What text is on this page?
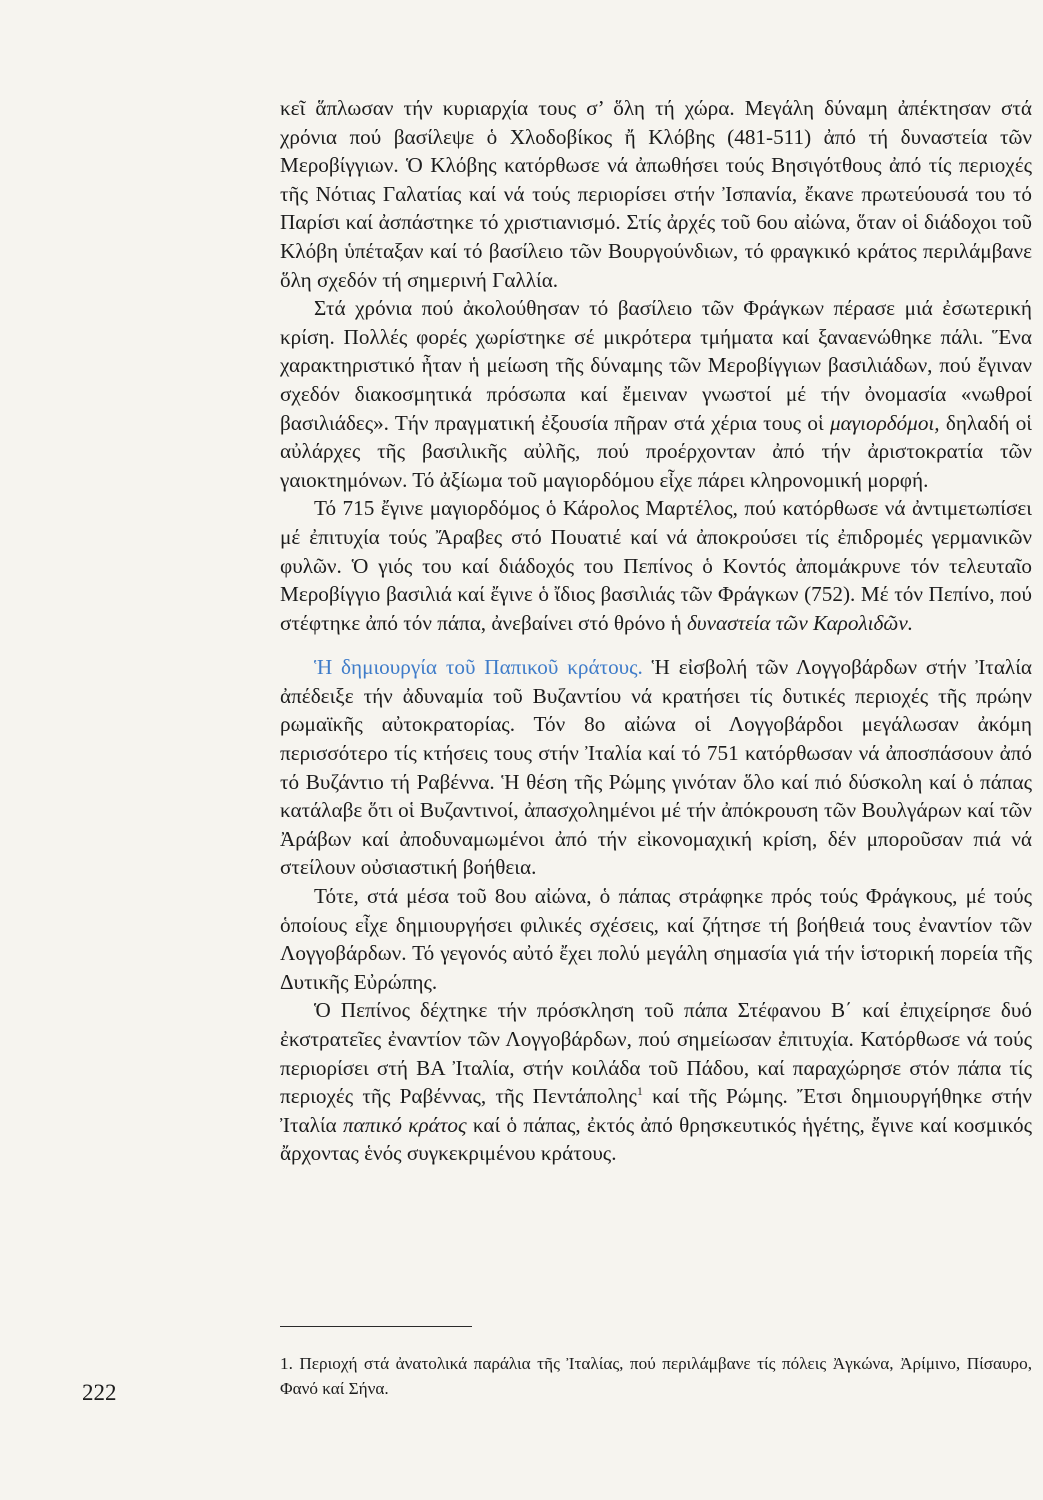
κεῖ ἅπλωσαν τήν κυριαρχία τους σ’ ὅλη τή χώρα. Μεγάλη δύναμη ἀπέκτησαν στά χρόνια πού βασίλεψε ὁ Χλοδοβίκος ἤ Κλόβης (481-511) ἀπό τή δυναστεία τῶν Μεροβίγγιων. Ὁ Κλόβης κατόρθωσε νά ἀπωθήσει τούς Βησιγότθους ἀπό τίς περιοχές τῆς Νότιας Γαλατίας καί νά τούς περιορίσει στήν Ἰσπανία, ἔκανε πρωτεύουσά του τό Παρίσι καί ἀσπάστηκε τό χριστιανισμό. Στίς ἀρχές τοῦ 6ου αἰώνα, ὅταν οἱ διάδοχοι τοῦ Κλόβη ὑπέταξαν καί τό βασίλειο τῶν Βουργούνδιων, τό φραγκικό κράτος περιλάμβανε ὅλη σχεδόν τή σημερινή Γαλλία.

Στά χρόνια πού ἀκολούθησαν τό βασίλειο τῶν Φράγκων πέρασε μιά ἐσωτερική κρίση. Πολλές φορές χωρίστηκε σέ μικρότερα τμήματα καί ξαναενώθηκε πάλι. Ἕνα χαρακτηριστικό ἦταν ἡ μείωση τῆς δύναμης τῶν Μεροβίγγιων βασιλιάδων, πού ἔγιναν σχεδόν διακοσμητικά πρόσωπα καί ἔμειναν γνωστοί μέ τήν ὀνομασία «νωθροί βασιλιάδες». Τήν πραγματική ἐξουσία πῆραν στά χέρια τους οἱ μαγιορδόμοι, δηλαδή οἱ αὐλάρχες τῆς βασιλικῆς αὐλῆς, πού προέρχονταν ἀπό τήν ἀριστοκρατία τῶν γαιοκτημόνων. Τό ἀξίωμα τοῦ μαγιορδόμου εἶχε πάρει κληρονομική μορφή.

Τό 715 ἔγινε μαγιορδόμος ὁ Κάρολος Μαρτέλος, πού κατόρθωσε νά ἀντιμετωπίσει μέ ἐπιτυχία τούς Ἄραβες στό Πουατιέ καί νά ἀποκρούσει τίς ἐπιδρομές γερμανικῶν φυλῶν. Ὁ γιός του καί διάδοχός του Πεπίνος ὁ Κοντός ἀπομάκρυνε τόν τελευταῖο Μεροβίγγιο βασιλιά καί ἔγινε ὁ ἴδιος βασιλιάς τῶν Φράγκων (752). Μέ τόν Πεπίνο, πού στέφτηκε ἀπό τόν πάπα, ἀνεβαίνει στό θρόνο ἡ δυναστεία τῶν Καρολιδῶν.

Ἡ δημιουργία τοῦ Παπικοῦ κράτους. Ἡ εἰσβολή τῶν Λογγοβάρδων στήν Ἰταλία ἀπέδειξε τήν ἀδυναμία τοῦ Βυζαντίου νά κρατήσει τίς δυτικές περιοχές τῆς πρώην ρωμαϊκῆς αὐτοκρατορίας. Τόν 8ο αἰώνα οἱ Λογγοβάρδοι μεγάλωσαν ἀκόμη περισσότερο τίς κτήσεις τους στήν Ἰταλία καί τό 751 κατόρθωσαν νά ἀποσπάσουν ἀπό τό Βυζάντιο τή Ραβέννα. Ἡ θέση τῆς Ρώμης γινόταν ὅλο καί πιό δύσκολη καί ὁ πάπας κατάλαβε ὅτι οἱ Βυζαντινοί, ἀπασχολημένοι μέ τήν ἀπόκρουση τῶν Βουλγάρων καί τῶν Ἀράβων καί ἀποδυναμωμένοι ἀπό τήν εἰκονομαχική κρίση, δέν μποροῦσαν πιά νά στείλουν οὐσιαστική βοήθεια.

Τότε, στά μέσα τοῦ 8ου αἰώνα, ὁ πάπας στράφηκε πρός τούς Φράγκους, μέ τούς ὁποίους εἶχε δημιουργήσει φιλικές σχέσεις, καί ζήτησε τή βοήθειά τους ἐναντίον τῶν Λογγοβάρδων. Τό γεγονός αὐτό ἔχει πολύ μεγάλη σημασία γιά τήν ἱστορική πορεία τῆς Δυτικῆς Εὐρώπης.

Ὁ Πεπίνος δέχτηκε τήν πρόσκληση τοῦ πάπα Στέφανου Β΄ καί ἐπιχείρησε δυό ἐκστρατεῖες ἐναντίον τῶν Λογγοβάρδων, πού σημείωσαν ἐπιτυχία. Κατόρθωσε νά τούς περιορίσει στή ΒΑ Ἰταλία, στήν κοιλάδα τοῦ Πάδου, καί παραχώρησε στόν πάπα τίς περιοχές τῆς Ραβέννας, τῆς Πεντάπολης$^1$ καί τῆς Ρώμης. Ἔτσι δημιουργήθηκε στήν Ἰταλία παπικό κράτος καί ὁ πάπας, ἐκτός ἀπό θρησκευτικός ἡγέτης, ἔγινε καί κοσμικός ἄρχοντας ἑνός συγκεκριμένου κράτους.

1. Περιοχή στά ἀνατολικά παράλια τῆς Ἰταλίας, πού περιλάμβανε τίς πόλεις Ἀγκώνα, Ἀρίμινο, Πίσαυρο, Φανό καί Σήνα.

222
